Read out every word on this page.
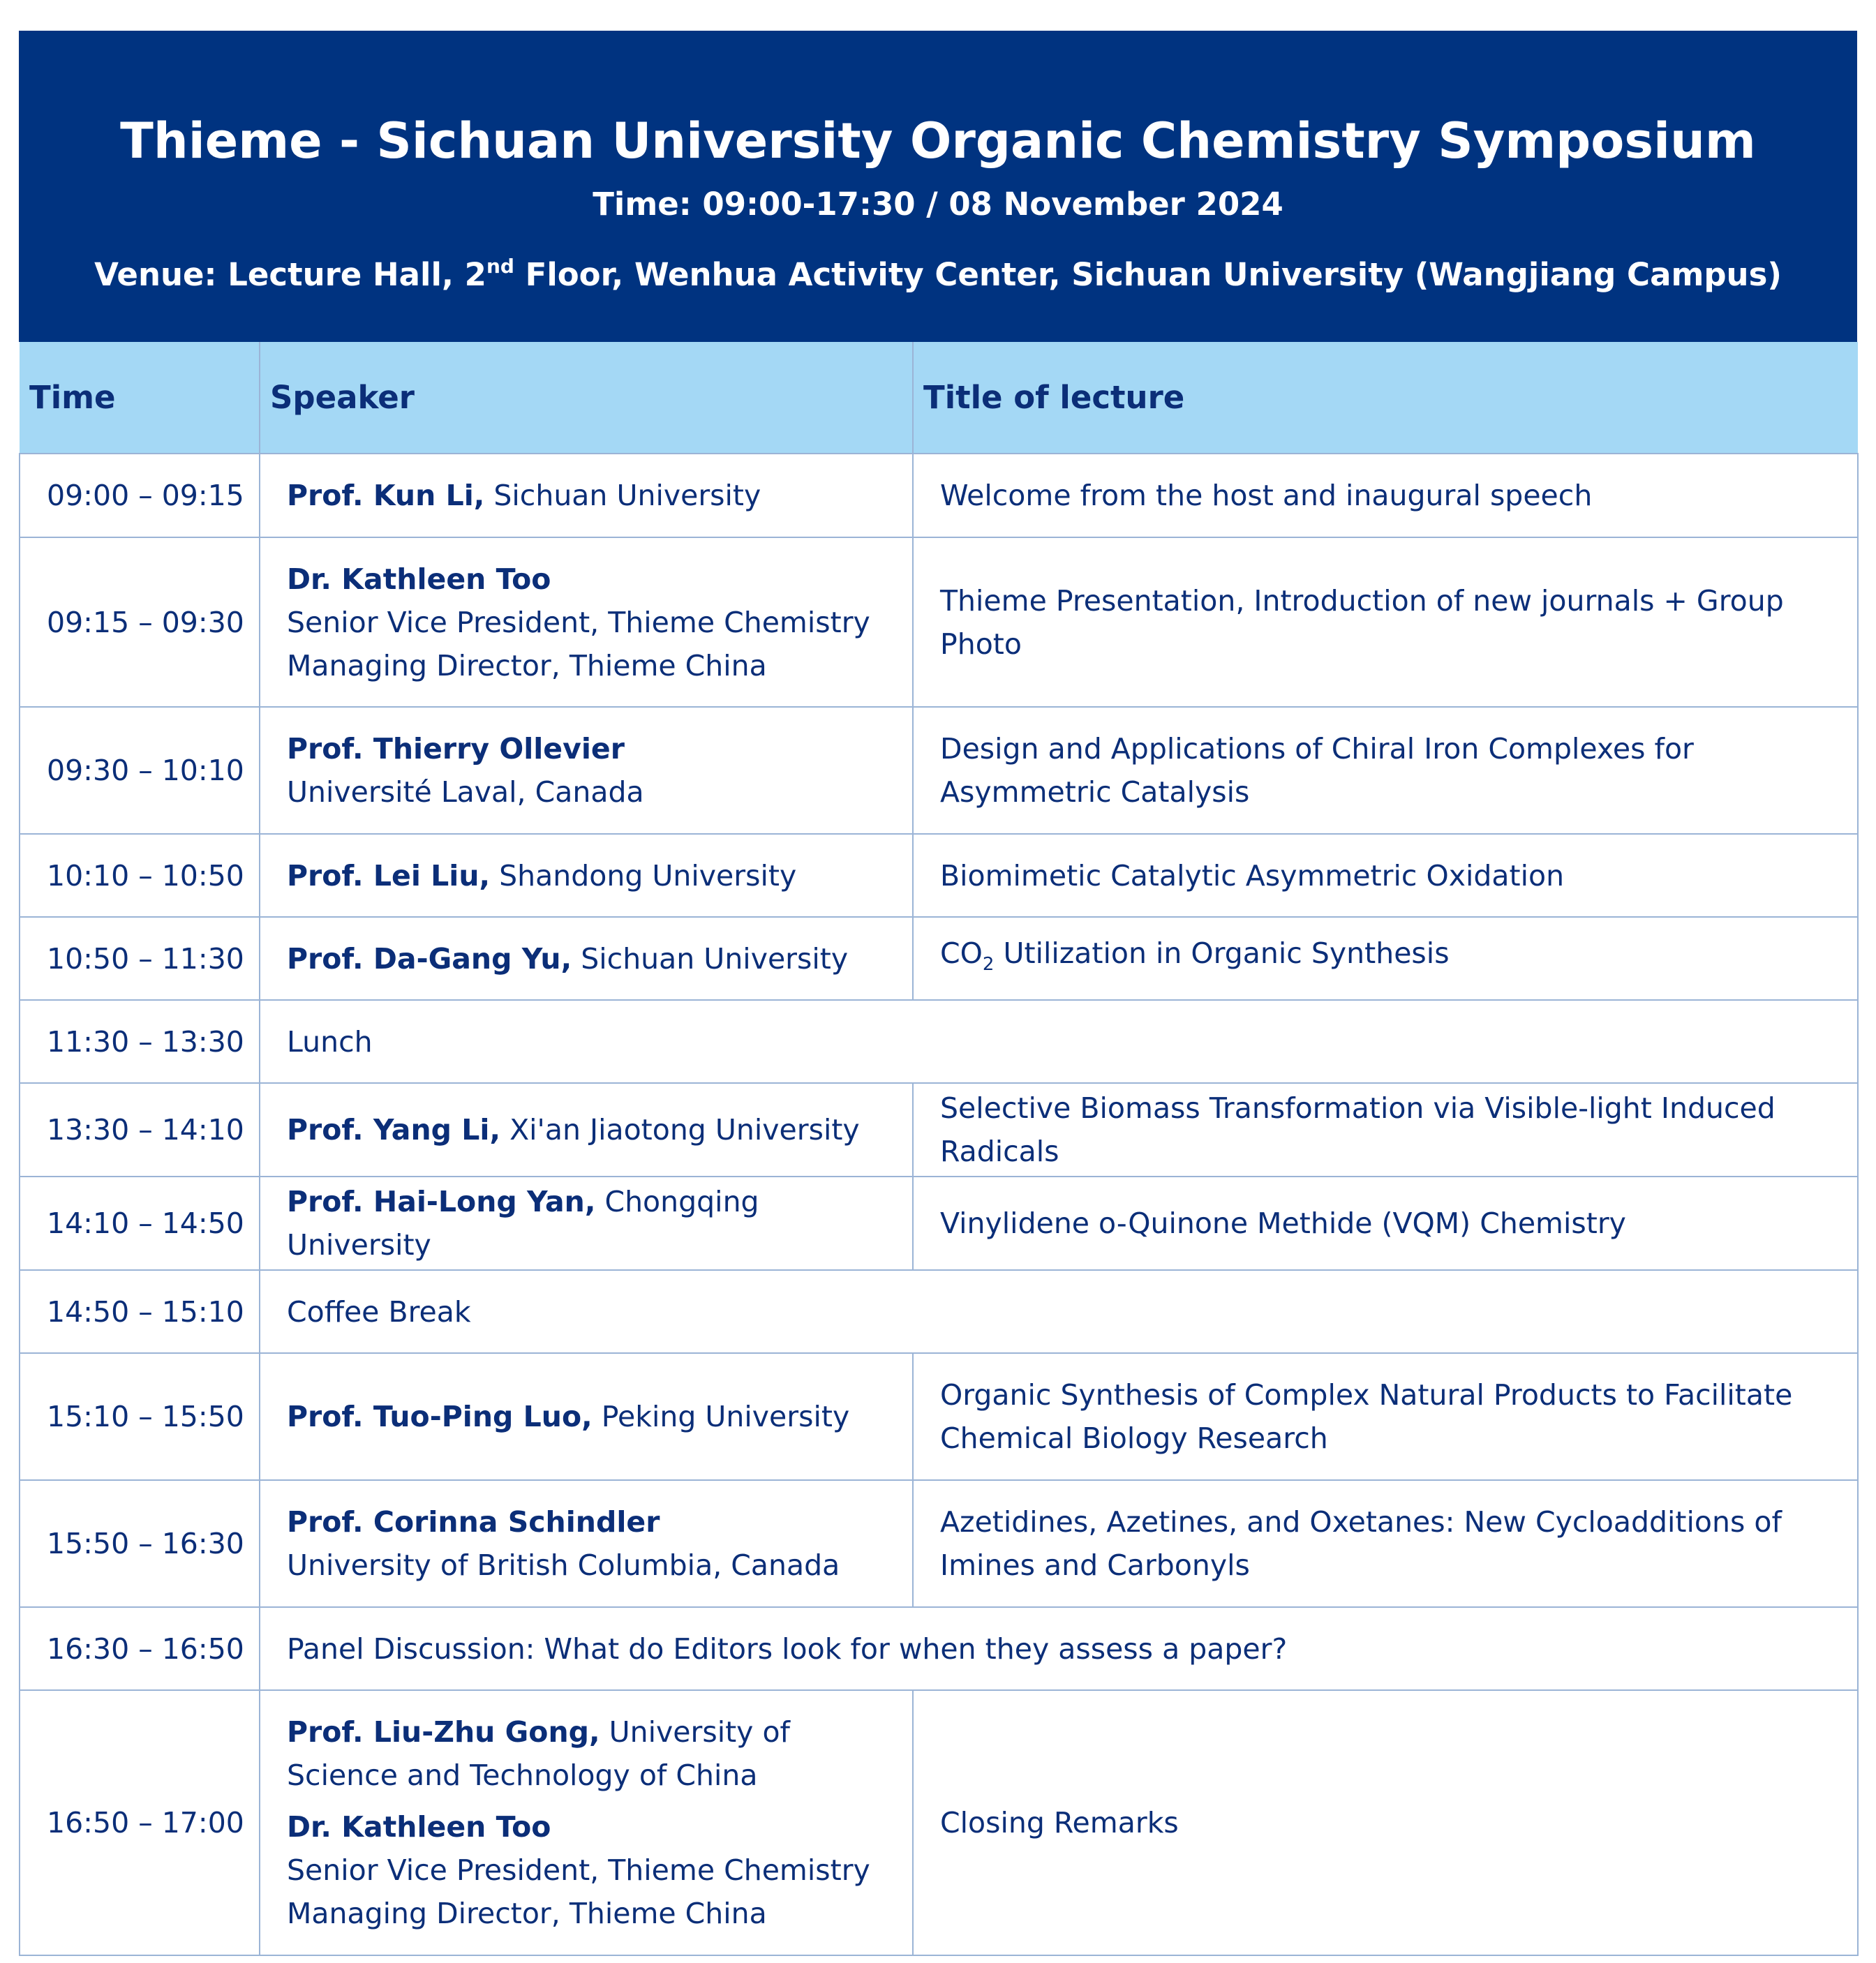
Thieme - Sichuan University Organic Chemistry Symposium
Time: 09:00-17:30 / 08 November 2024
Venue: Lecture Hall, 2nd Floor, Wenhua Activity Center, Sichuan University (Wangjiang Campus)
Time	Speaker	Title of lecture
09:00 – 09:15	Prof. Kun Li, Sichuan University	Welcome from the host and inaugural speech
09:15 – 09:30	Dr. Kathleen Too
Senior Vice President, Thieme Chemistry
Managing Director, Thieme China	Thieme Presentation, Introduction of new journals + Group Photo
09:30 – 10:10	Prof. Thierry Ollevier
Université Laval, Canada	Design and Applications of Chiral Iron Complexes for Asymmetric Catalysis
10:10 – 10:50	Prof. Lei Liu, Shandong University	Biomimetic Catalytic Asymmetric Oxidation
10:50 – 11:30	Prof. Da-Gang Yu, Sichuan University	$CO_2$ Utilization in Organic Synthesis
11:30 – 13:30	Lunch	
13:30 – 14:10	Prof. Yang Li, Xi'an Jiaotong University	Selective Biomass Transformation via Visible-light Induced Radicals
14:10 – 14:50	Prof. Hai-Long Yan, Chongqing University	Vinylidene o-Quinone Methide (VQM) Chemistry
14:50 – 15:10	Coffee Break	
15:10 – 15:50	Prof. Tuo-Ping Luo, Peking University	Organic Synthesis of Complex Natural Products to Facilitate Chemical Biology Research
15:50 – 16:30	Prof. Corinna Schindler
University of British Columbia, Canada	Azetidines, Azetines, and Oxetanes: New Cycloadditions of Imines and Carbonyls
16:30 – 16:50	Panel Discussion: What do Editors look for when they assess a paper?	
16:50 – 17:00	Prof. Liu-Zhu Gong, University of Science and Technology of China
Dr. Kathleen Too
Senior Vice President, Thieme Chemistry
Managing Director, Thieme China	Closing Remarks
